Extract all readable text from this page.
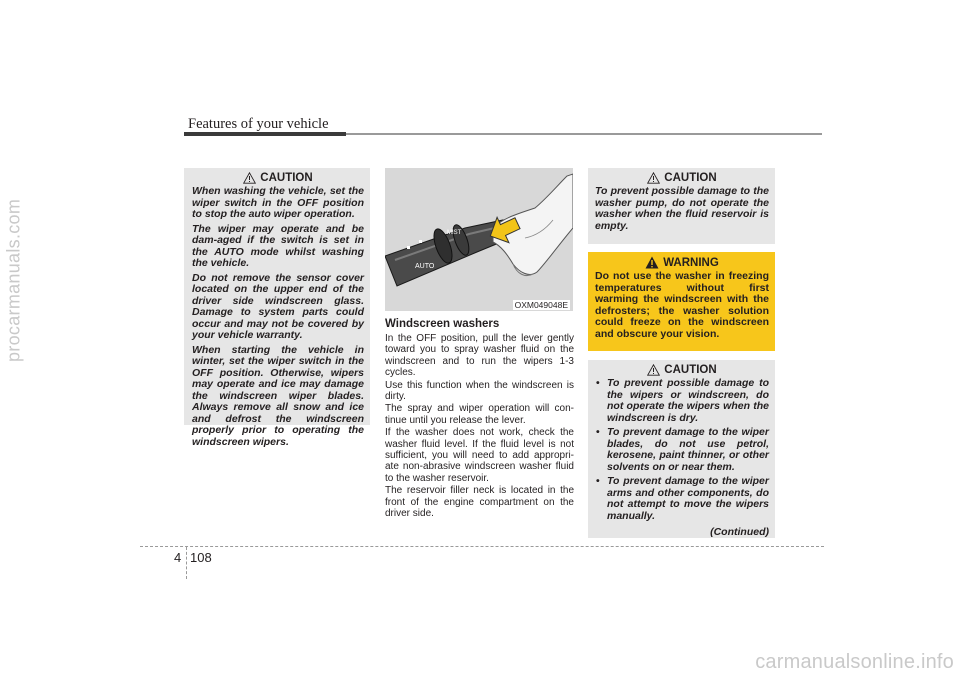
procarmanuals.com
Features of your vehicle
CAUTION

When washing the vehicle, set the wiper switch in the OFF position to stop the auto wiper operation.

The wiper may operate and be dam-aged if the switch is set in the AUTO mode whilst washing the vehicle.

Do not remove the sensor cover located on the upper end of the driver side windscreen glass. Damage to system parts could occur and may not be covered by your vehicle warranty.

When starting the vehicle in winter, set the wiper switch in the OFF position. Otherwise, wipers may operate and ice may damage the windscreen wiper blades. Always remove all snow and ice and defrost the windscreen properly prior to operating the windscreen wipers.

AUTO
MIST
OXM049048E
Windscreen washers

In the OFF position, pull the lever gently toward you to spray washer fluid on the windscreen and to run the wipers 1-3 cycles.

Use this function when the windscreen is dirty.

The spray and wiper operation will con-tinue until you release the lever.

If the washer does not work, check the washer fluid level. If the fluid level is not sufficient, you will need to add appropri-ate non-abrasive windscreen washer fluid to the washer reservoir.

The reservoir filler neck is located in the front of the engine compartment on the driver side.

CAUTION
To prevent possible damage to the washer pump, do not operate the washer when the fluid reservoir is empty.
WARNING
Do not use the washer in freezing temperatures without first warming the windscreen with the defrosters; the washer solution could freeze on the windscreen and obscure your vision.
CAUTION
• To prevent possible damage to the wipers or windscreen, do not operate the wipers when the windscreen is dry.
• To prevent damage to the wiper blades, do not use petrol, kerosene, paint thinner, or other solvents on or near them.
• To prevent damage to the wiper arms and other components, do not attempt to move the wipers manually.
(Continued)
4 108
carmanualsonline.info
